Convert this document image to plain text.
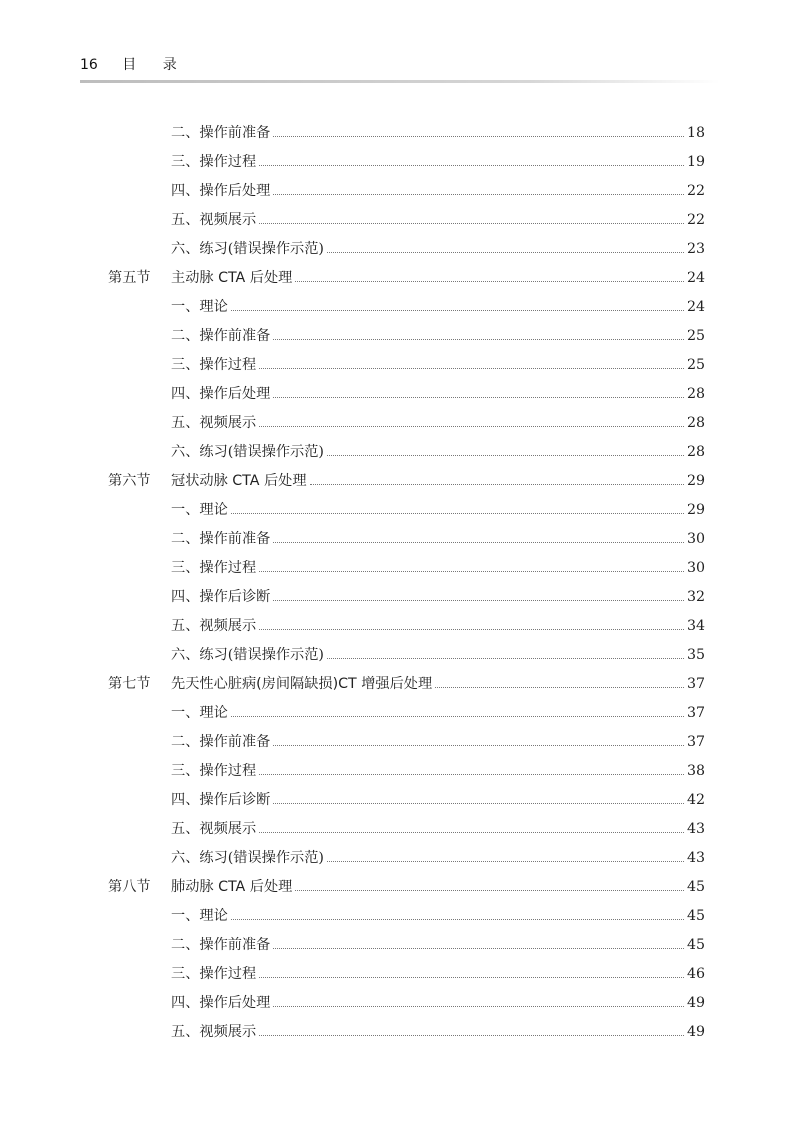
16 目 录
二、操作前准备	18
三、操作过程	19
四、操作后处理	22
五、视频展示	22
六、练习(错误操作示范)	23
第五节 主动脉 CTA 后处理	24
一、理论	24
二、操作前准备	25
三、操作过程	25
四、操作后处理	28
五、视频展示	28
六、练习(错误操作示范)	28
第六节 冠状动脉 CTA 后处理	29
一、理论	29
二、操作前准备	30
三、操作过程	30
四、操作后诊断	32
五、视频展示	34
六、练习(错误操作示范)	35
第七节 先天性心脏病(房间隔缺损)CT 增强后处理	37
一、理论	37
二、操作前准备	37
三、操作过程	38
四、操作后诊断	42
五、视频展示	43
六、练习(错误操作示范)	43
第八节 肺动脉 CTA 后处理	45
一、理论	45
二、操作前准备	45
三、操作过程	46
四、操作后处理	49
五、视频展示	49
